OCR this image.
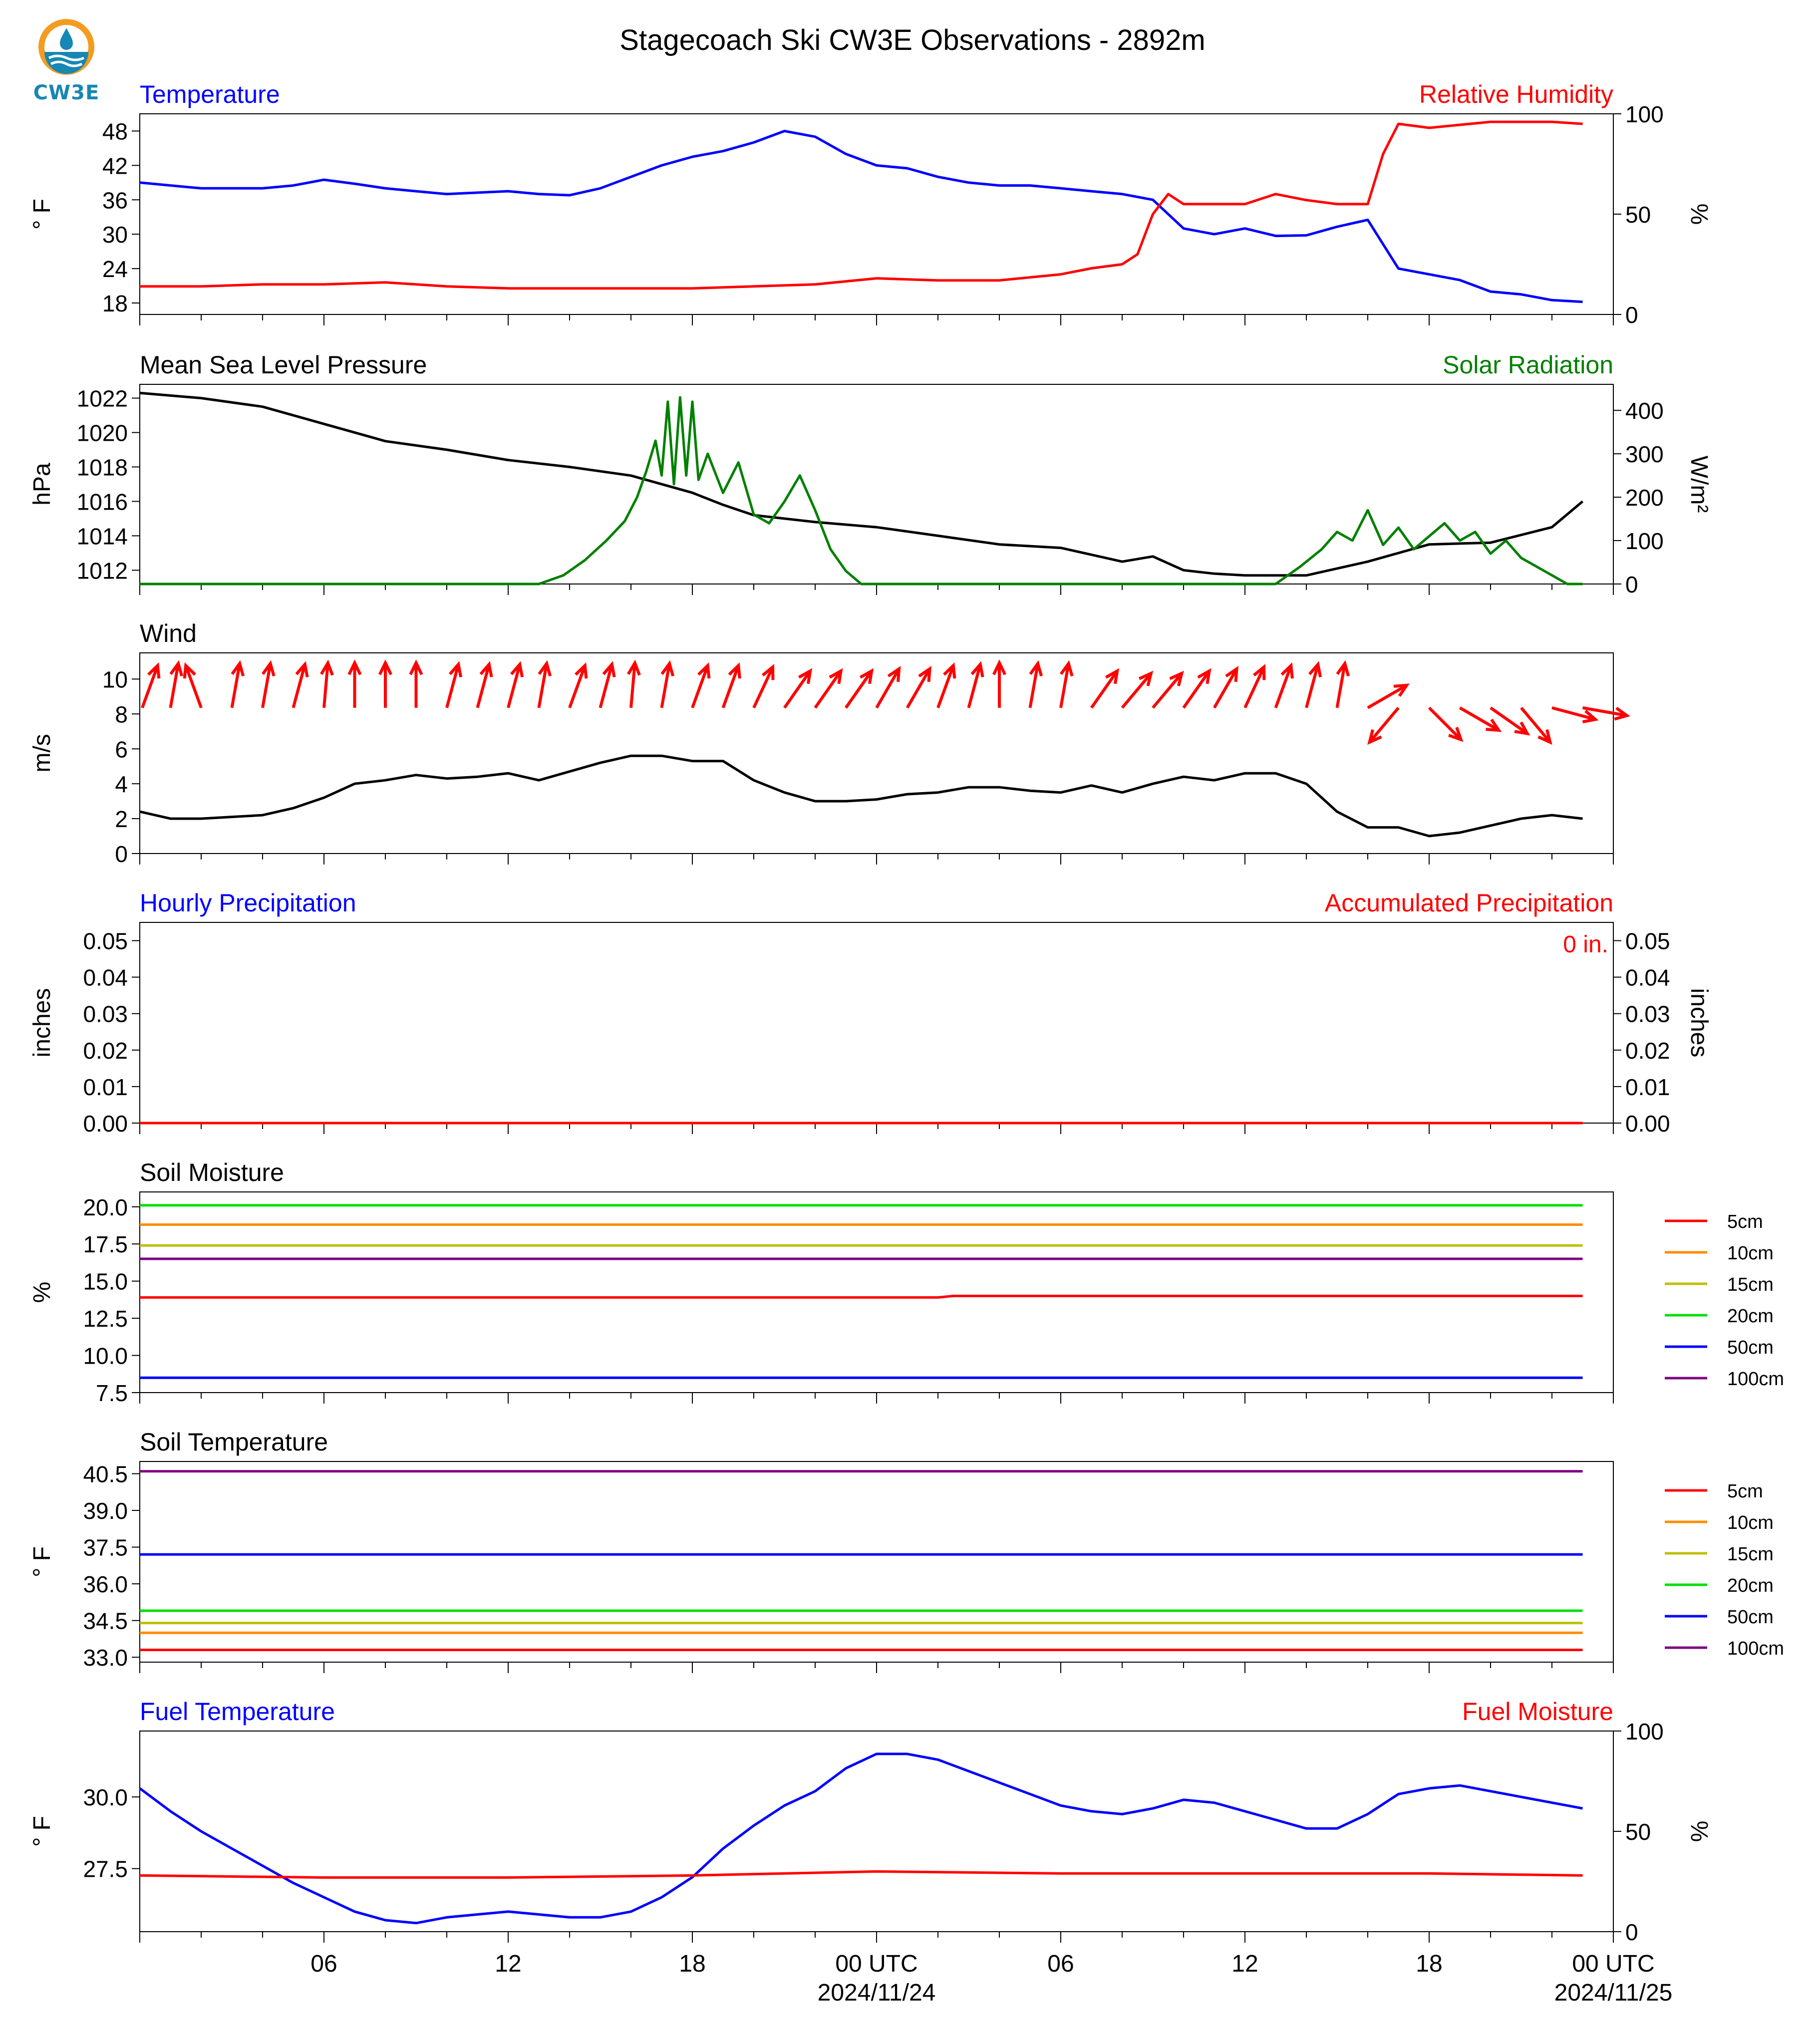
CW3E
Stagecoach Ski CW3E Observations - 2892m
Temperature	Relative Humidity
18
24
30
36
42
48
0
50
100
° F	%
Mean Sea Level Pressure	Solar Radiation
1012
1014
1016
1018
1020
1022
0
100
200
300
400
hPa	W/m²
Wind
0
2
4
6
8
10
m/s
Hourly Precipitation	Accumulated Precipitation
0.00
0.01
0.02
0.03
0.04
0.05
0.00
0.01
0.02
0.03
0.04
0.05
inches	inches
0 in.
Soil Moisture
7.5
10.0
12.5
15.0
17.5
20.0
%
5cm
10cm
15cm
20cm
50cm
100cm
Soil Temperature
33.0
34.5
36.0
37.5
39.0
40.5
° F
5cm
10cm
15cm
20cm
50cm
100cm
Fuel Temperature	Fuel Moisture
27.5
30.0
0
50
100
° F	%
06	12	18	00 UTC	06	12	18	00 UTC
2024/11/24	2024/11/25
